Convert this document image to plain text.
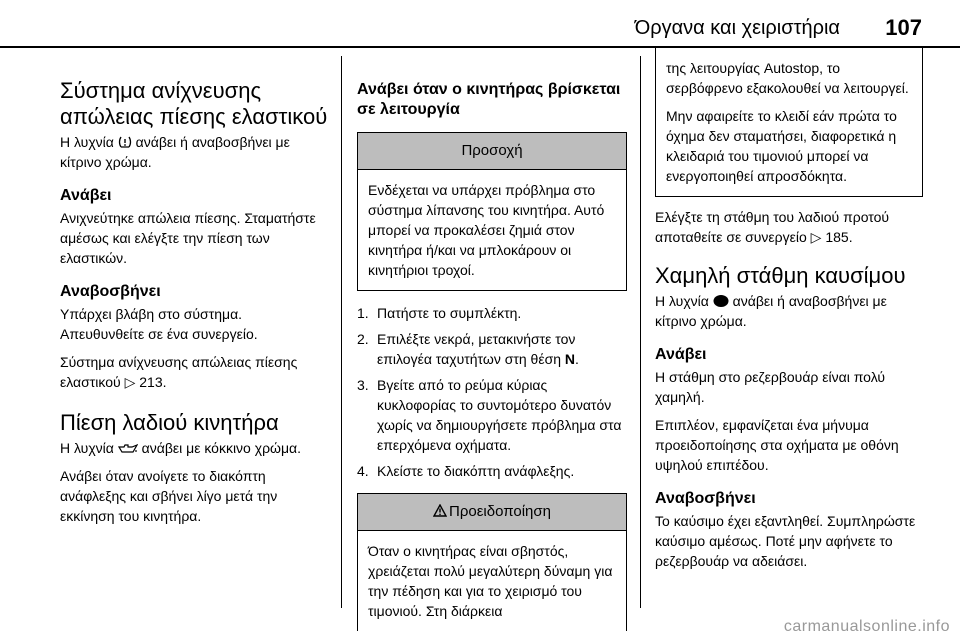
Όργανα και χειριστήρια 107
Σύστημα ανίχνευσης απώλειας πίεσης ελαστικού

Η λυχνία ανάβει ή αναβοσβήνει με κίτρινο χρώμα.

Ανάβει

Ανιχνεύτηκε απώλεια πίεσης. Σταματήστε αμέσως και ελέγξτε την πίεση των ελαστικών.

Αναβοσβήνει

Υπάρχει βλάβη στο σύστημα. Απευθυνθείτε σε ένα συνεργείο.

Σύστημα ανίχνευσης απώλειας πίεσης ελαστικού ▷ 213.

Πίεση λαδιού κινητήρα

Η λυχνία ανάβει με κόκκινο χρώμα.

Ανάβει όταν ανοίγετε το διακόπτη ανάφλεξης και σβήνει λίγο μετά την εκκίνηση του κινητήρα.

Ανάβει όταν ο κινητήρας βρίσκεται σε λειτουργία
Προσοχή

Ενδέχεται να υπάρχει πρόβλημα στο σύστημα λίπανσης του κινητήρα. Αυτό μπορεί να προκαλέσει ζημιά στον κινητήρα ή/και να μπλοκάρουν οι κινητήριοι τροχοί.

1. Πατήστε το συμπλέκτη.
2. Επιλέξτε νεκρά, μετακινήστε τον επιλογέα ταχυτήτων στη θέση N.
3. Βγείτε από το ρεύμα κύριας κυκλοφορίας το συντομότερο δυνατόν χωρίς να δημιουργήσετε πρόβλημα στα επερχόμενα οχήματα.
4. Κλείστε το διακόπτη ανάφλεξης.
Προειδοποίηση

Όταν ο κινητήρας είναι σβηστός, χρειάζεται πολύ μεγαλύτερη δύναμη για την πέδηση και για το χειρισμό του τιμονιού. Στη διάρκεια

της λειτουργίας Autostop, το σερβόφρενο εξακολουθεί να λειτουργεί.

Μην αφαιρείτε το κλειδί εάν πρώτα το όχημα δεν σταματήσει, διαφορετικά η κλειδαριά του τιμονιού μπορεί να ενεργοποιηθεί απροσδόκητα.

Ελέγξτε τη στάθμη του λαδιού προτού αποταθείτε σε συνεργείο ▷ 185.

Χαμηλή στάθμη καυσίμου

Η λυχνία ανάβει ή αναβοσβήνει με κίτρινο χρώμα.

Ανάβει

Η στάθμη στο ρεζερβουάρ είναι πολύ χαμηλή.

Επιπλέον, εμφανίζεται ένα μήνυμα προειδοποίησης στα οχήματα με οθόνη υψηλού επιπέδου.

Αναβοσβήνει

Το καύσιμο έχει εξαντληθεί. Συμπληρώστε καύσιμο αμέσως. Ποτέ μην αφήνετε το ρεζερβουάρ να αδειάσει.

carmanualsonline.info
